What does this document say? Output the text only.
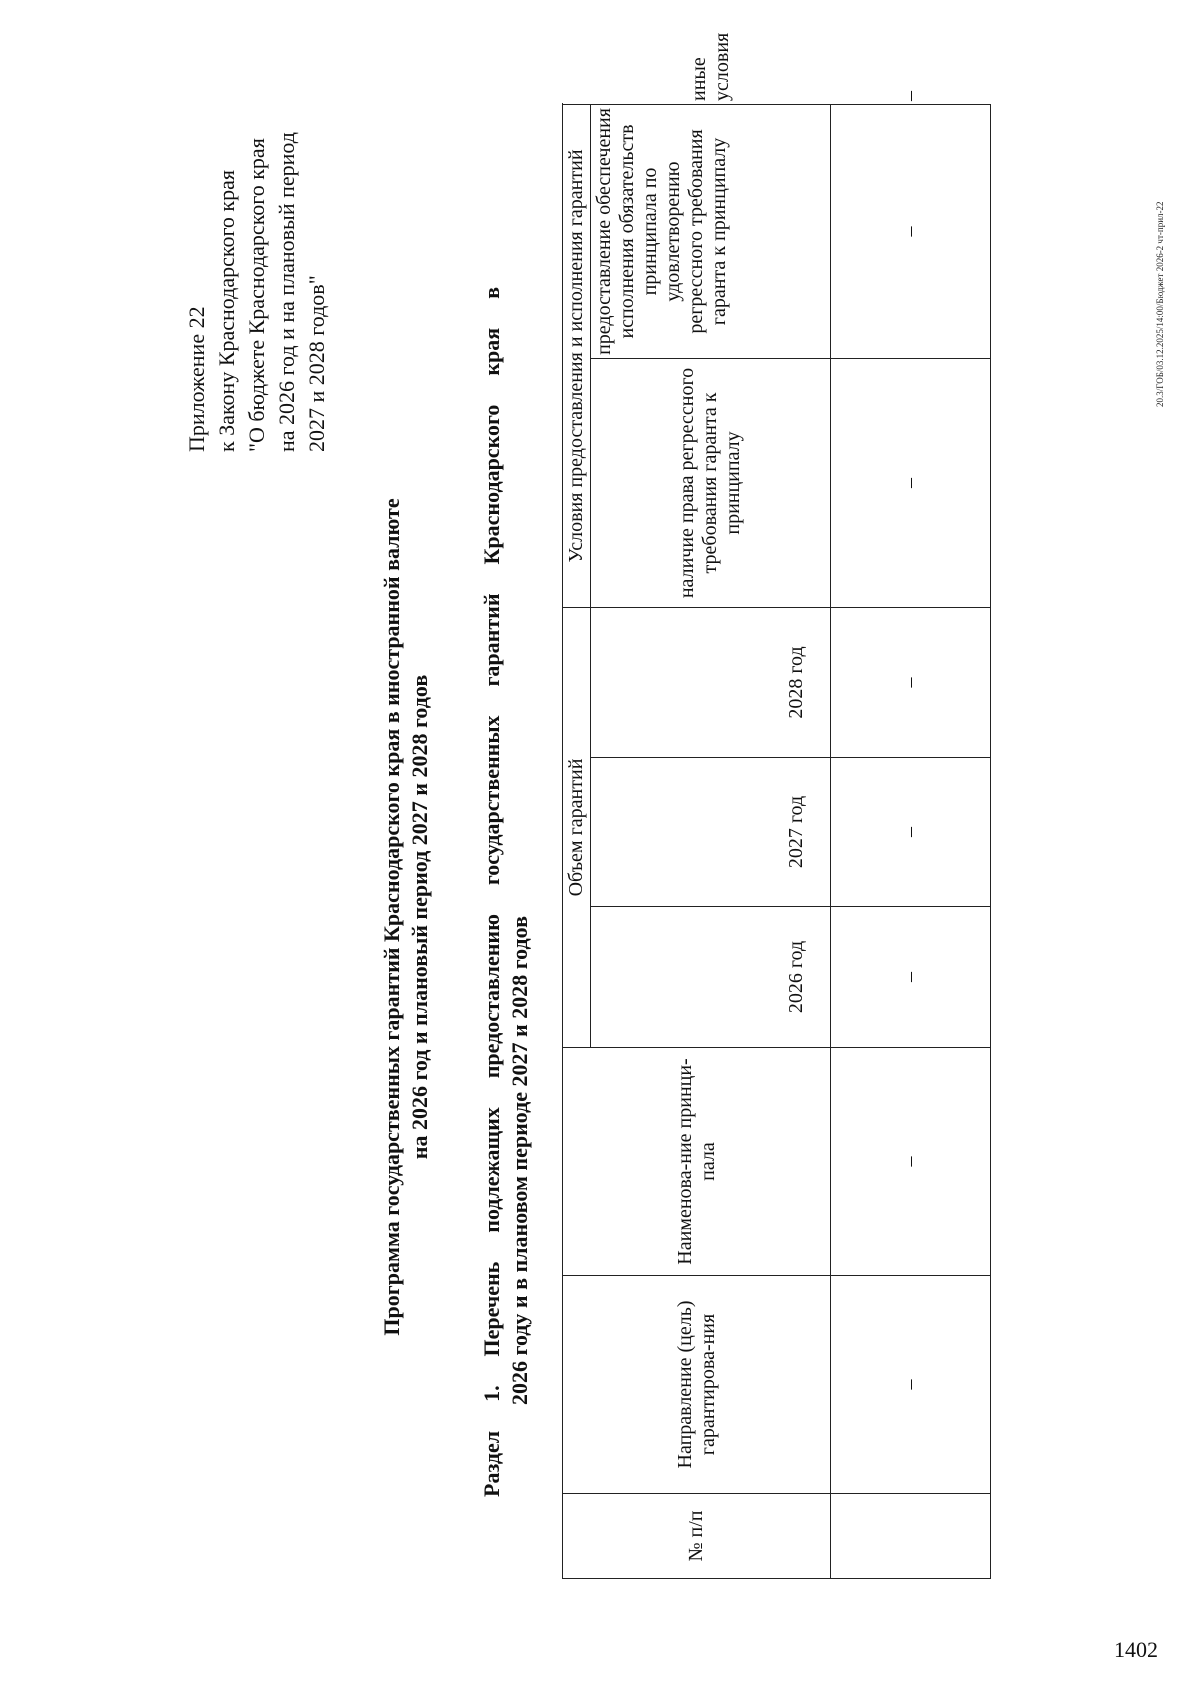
Приложение 22 к Закону Краснодарского края "О бюджете Краснодарского края на 2026 год и на плановый период 2027 и 2028 годов"
Программа государственных гарантий Краснодарского края в иностранной валюте на 2026 год и плановый период 2027 и 2028 годов Раздел 1. Перечень подлежащих предоставлению государственных гарантий Краснодарского края в 2026 году и в плановом периоде 2027 и 2028 годов
№ п/п	Направление (цель) гарантирова-ния	Наименова-ние принци-пала	Объем гарантий			Условия предоставления и исполнения гарантий		
			2026 год	2027 год	2028 год	наличие права регрессного требования гаранта к принципалу	предоставление обеспечения исполнения обязательств принципала по удовлетворению регрессного требования гаранта к принципалу	иные условия
	–	–	–	–	–	–	–	–
20.3/ГОБ/03.12.2025/14:00/Бюджет 2026-2 чт-прил-22
1402
